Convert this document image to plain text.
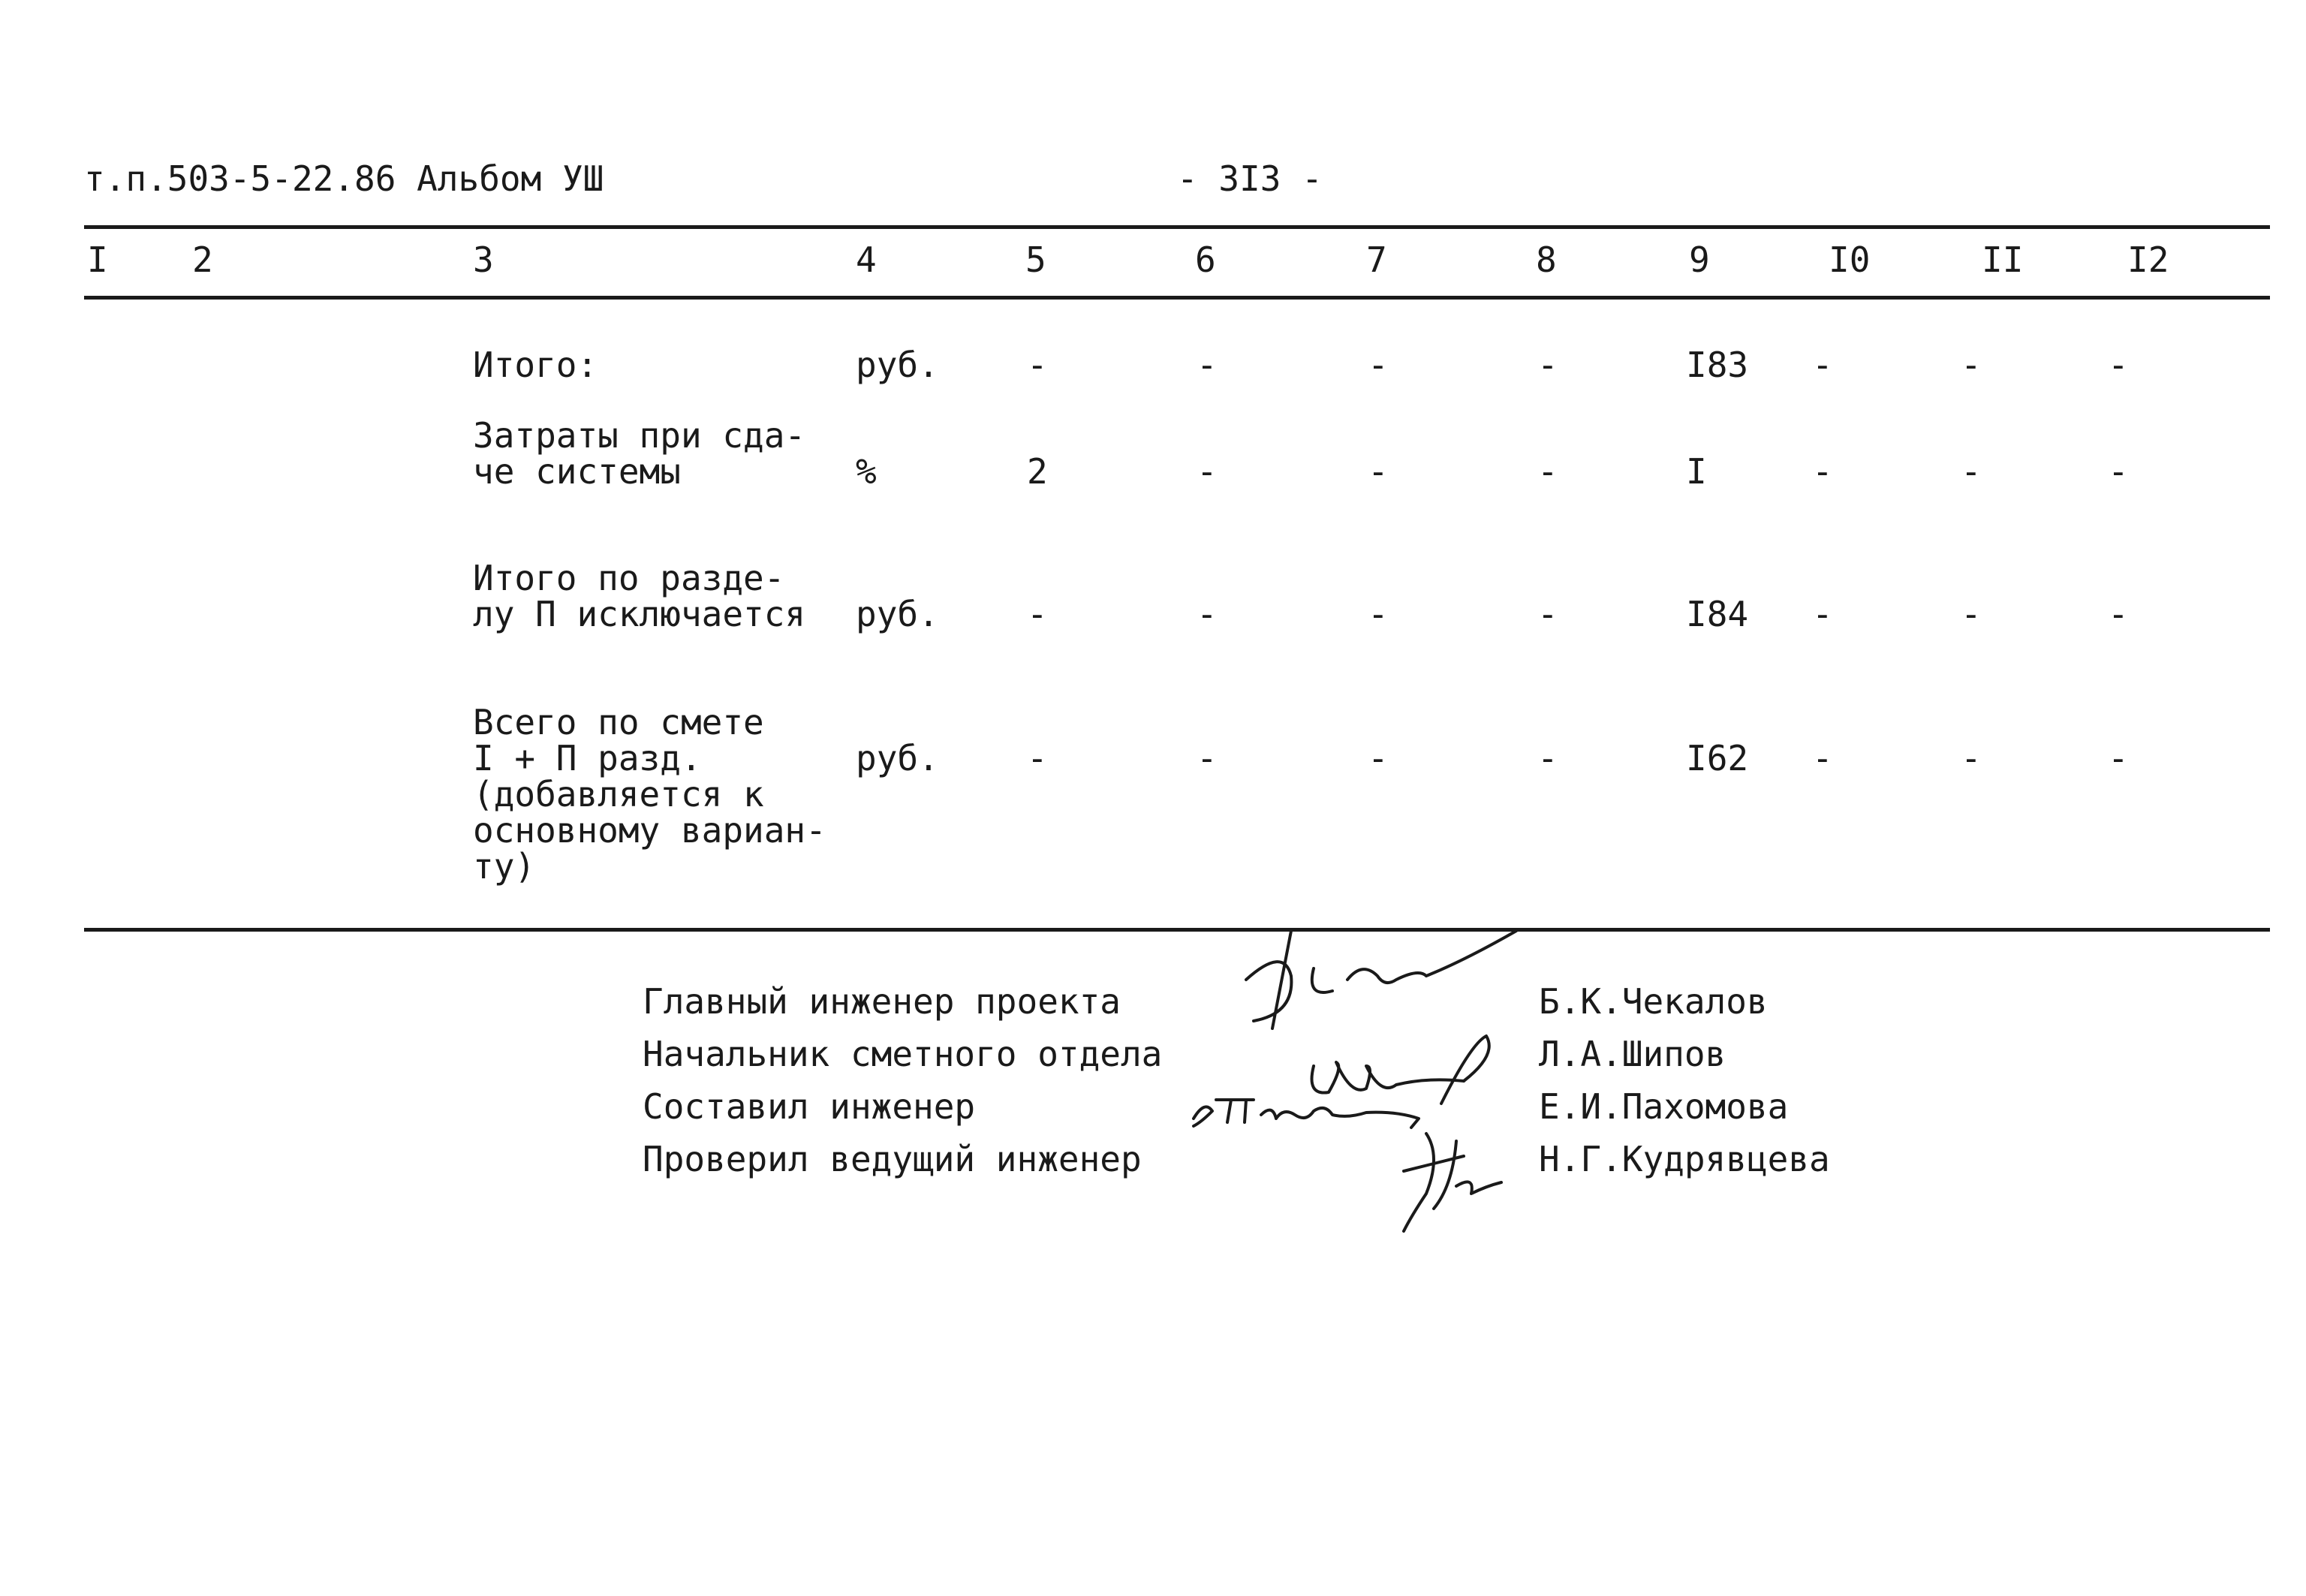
т.п.503-5-22.86 Альбом УШ	- 3I3 -
I 2	3	4	5	6	7	8	9	I0	II	I2
Итого:	руб.	-	-	-	-	I83 -	-	-
Затраты при сда-
че системы	%	2	-	-	-	I	-	-	-
Итого по разде-
лу П исключается руб.	-	-	-	-	I84 -	-	-
Всего по смете
I + П разд.
(добавляется к
основному вариан-
ту)
руб.	-	-	-	-	I62 -	-	-
Главный инженер проекта	Б.К.Чекалов
Начальник сметного отдела	Л.А.Шипов
Составил инженер	Е.И.Пахомова
Проверил ведущий инженер	Н.Г.Кудрявцева
